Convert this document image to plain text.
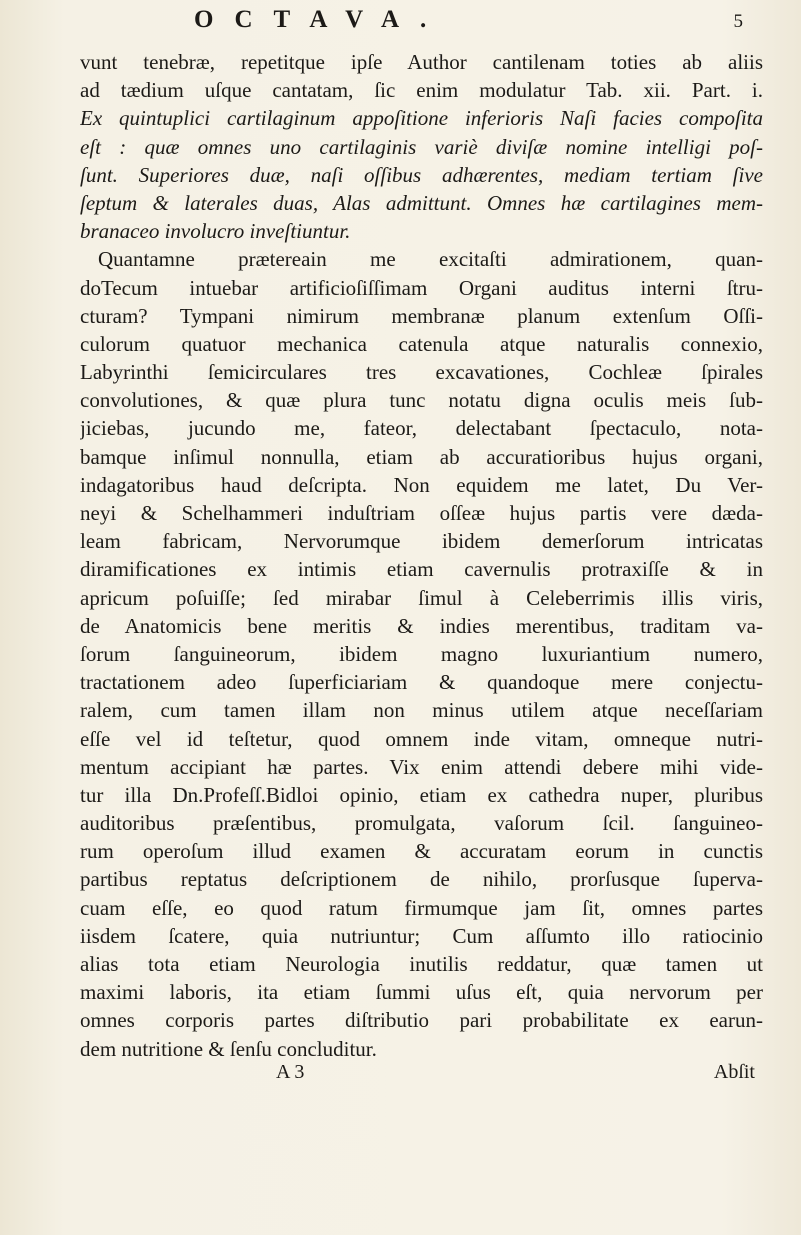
OCTAVA.	5
vunt tenebræ, repetitque ipſe Author cantilenam toties ab aliis
ad tædium uſque cantatam, ſic enim modulatur Tab. xii. Part. i.
Ex quintuplici cartilaginum appoſitione inferioris Naſi facies compoſita
eſt : quæ omnes uno cartilaginis variè diviſæ nomine intelligi poſ-
ſunt. Superiores duæ, naſi oſſibus adhærentes, mediam tertiam ſive
ſeptum & laterales duas, Alas admittunt. Omnes hæ cartilagines mem-
branaceo involucro inveſtiuntur.
Quantamne prætereain me excitaſti admirationem, quan-
doTecum intuebar artificioſiſſimam Organi auditus interni ſtru-
cturam? Tympani nimirum membranæ planum extenſum Oſſi-
culorum quatuor mechanica catenula atque naturalis connexio,
Labyrinthi ſemicirculares tres excavationes, Cochleæ ſpirales
convolutiones, & quæ plura tunc notatu digna oculis meis ſub-
jiciebas, jucundo me, fateor, delectabant ſpectaculo, nota-
bamque inſimul nonnulla, etiam ab accuratioribus hujus organi,
indagatoribus haud deſcripta. Non equidem me latet, Du Ver-
neyi & Schelhammeri induſtriam oſſeæ hujus partis vere dæda-
leam fabricam, Nervorumque ibidem demerſorum intricatas
diramificationes ex intimis etiam cavernulis protraxiſſe & in
apricum poſuiſſe; ſed mirabar ſimul à Celeberrimis illis viris,
de Anatomicis bene meritis & indies merentibus, traditam va-
ſorum ſanguineorum, ibidem magno luxuriantium numero,
tractationem adeo ſuperficiariam & quandoque mere conjectu-
ralem, cum tamen illam non minus utilem atque neceſſariam
eſſe vel id teſtetur, quod omnem inde vitam, omneque nutri-
mentum accipiant hæ partes. Vix enim attendi debere mihi vide-
tur illa Dn.Profeſſ.Bidloi opinio, etiam ex cathedra nuper, pluribus
auditoribus præſentibus, promulgata, vaſorum ſcil. ſanguineo-
rum operoſum illud examen & accuratam eorum in cunctis
partibus reptatus deſcriptionem de nihilo, prorſusque ſuperva-
cuam eſſe, eo quod ratum firmumque jam ſit, omnes partes
iisdem ſcatere, quia nutriuntur; Cum aſſumto illo ratiocinio
alias tota etiam Neurologia inutilis reddatur, quæ tamen ut
maximi laboris, ita etiam ſummi uſus eſt, quia nervorum per
omnes corporis partes diſtributio pari probabilitate ex earun-
dem nutritione & ſenſu concluditur.
A 3	Abſit
